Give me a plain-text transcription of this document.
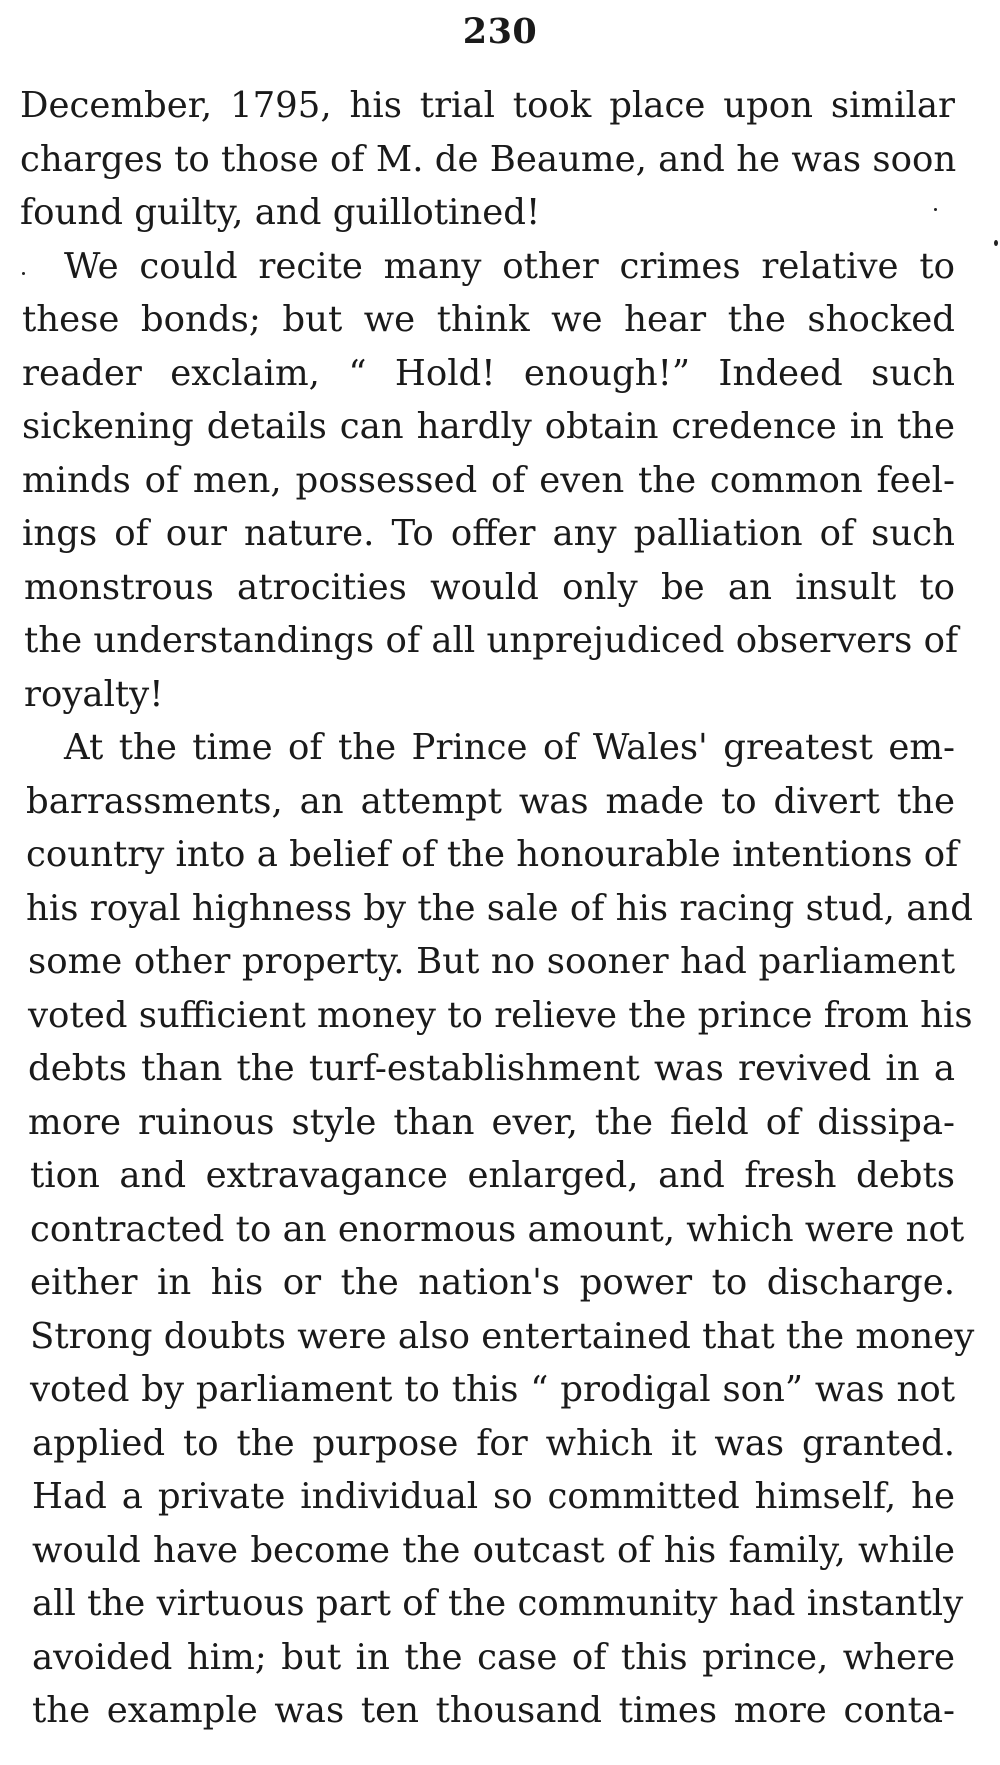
230
December, 1795, his trial took place upon similar
charges to those of M. de Beaume, and he was soon
found guilty, and guillotined!
We could recite many other crimes relative to
these bonds; but we think we hear the shocked
reader exclaim, “ Hold! enough!” Indeed such
sickening details can hardly obtain credence in the
minds of men, possessed of even the common feel-
ings of our nature. To offer any palliation of such
monstrous atrocities would only be an insult to
the understandings of all unprejudiced observers of
royalty!
At the time of the Prince of Wales' greatest em-
barrassments, an attempt was made to divert the
country into a belief of the honourable intentions of
his royal highness by the sale of his racing stud, and
some other property. But no sooner had parliament
voted sufficient money to relieve the prince from his
debts than the turf-establishment was revived in a
more ruinous style than ever, the field of dissipa-
tion and extravagance enlarged, and fresh debts
contracted to an enormous amount, which were not
either in his or the nation's power to discharge.
Strong doubts were also entertained that the money
voted by parliament to this “ prodigal son” was not
applied to the purpose for which it was granted.
Had a private individual so committed himself, he
would have become the outcast of his family, while
all the virtuous part of the community had instantly
avoided him; but in the case of this prince, where
the example was ten thousand times more conta-
